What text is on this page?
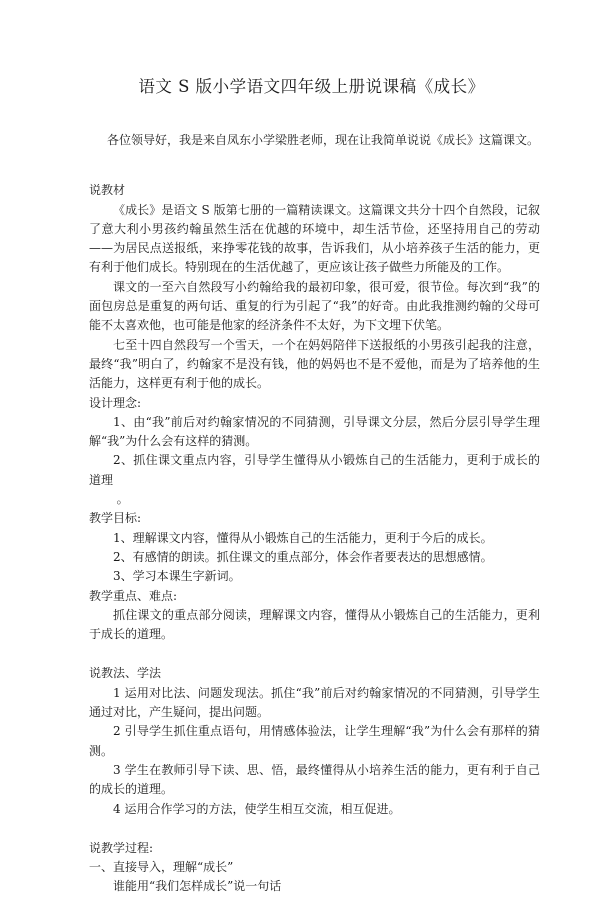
语文 S 版小学语文四年级上册说课稿《成长》

各位领导好，我是来自凤东小学梁胜老师，现在让我简单说说《成长》这篇课文。

说教材

《成长》是语文 S 版第七册的一篇精读课文。这篇课文共分十四个自然段，记叙了意大利小男孩约翰虽然生活在优越的环境中，却生活节俭，还坚持用自己的劳动——为居民点送报纸，来挣零花钱的故事，告诉我们，从小培养孩子生活的能力，更有利于他们成长。特别现在的生活优越了，更应该让孩子做些力所能及的工作。

课文的一至六自然段写小约翰给我的最初印象，很可爱，很节俭。每次到“我”的面包房总是重复的两句话、重复的行为引起了“我”的好奇。由此我推测约翰的父母可能不太喜欢他，也可能是他家的经济条件不太好，为下文埋下伏笔。

七至十四自然段写一个雪天，一个在妈妈陪伴下送报纸的小男孩引起我的注意，最终“我”明白了，约翰家不是没有钱，他的妈妈也不是不爱他，而是为了培养他的生活能力，这样更有利于他的成长。

设计理念:

1、由“我”前后对约翰家情况的不同猜测，引导课文分层，然后分层引导学生理解“我”为什么会有这样的猜测。

2、抓住课文重点内容，引导学生懂得从小锻炼自己的生活能力，更利于成长的道理

。

教学目标:

1、理解课文内容，懂得从小锻炼自己的生活能力，更利于今后的成长。

2、有感情的朗读。抓住课文的重点部分，体会作者要表达的思想感情。

3、学习本课生字新词。

教学重点、难点:

抓住课文的重点部分阅读，理解课文内容，懂得从小锻炼自己的生活能力，更利于成长的道理。

说教法、学法

1 运用对比法、问题发现法。抓住“我”前后对约翰家情况的不同猜测，引导学生通过对比，产生疑问，提出问题。

2 引导学生抓住重点语句，用情感体验法，让学生理解“我”为什么会有那样的猜测。

3 学生在教师引导下读、思、悟，最终懂得从小培养生活的能力，更有利于自己的成长的道理。

4 运用合作学习的方法，使学生相互交流，相互促进。

说教学过程:

一、直接导入，理解“成长”

谁能用“我们怎样成长”说一句话
